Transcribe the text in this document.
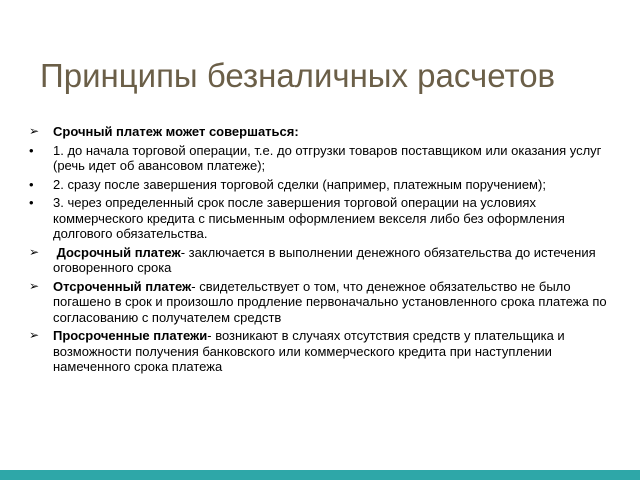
Принципы безналичных расчетов
➢	Срочный платеж может совершаться:
•	1. до начала торговой операции, т.е. до отгрузки товаров поставщиком или оказания услуг (речь идет об авансовом платеже);
•	2. сразу после завершения торговой сделки (например, платежным поручением);
•	3. через определенный срок после завершения торговой операции на условиях коммерческого кредита с письменным оформлением векселя либо без оформления долгового обязательства.
➢	Досрочный платеж- заключается в выполнении денежного обязательства до истечения оговоренного срока
➢	Отсроченный платеж- свидетельствует о том, что денежное обязательство не было погашено в срок и произошло продление первоначально установленного срока платежа по согласованию с получателем средств
➢	Просроченные платежи- возникают в случаях отсутствия средств у плательщика и возможности получения банковского или коммерческого кредита при наступлении намеченного срока платежа
